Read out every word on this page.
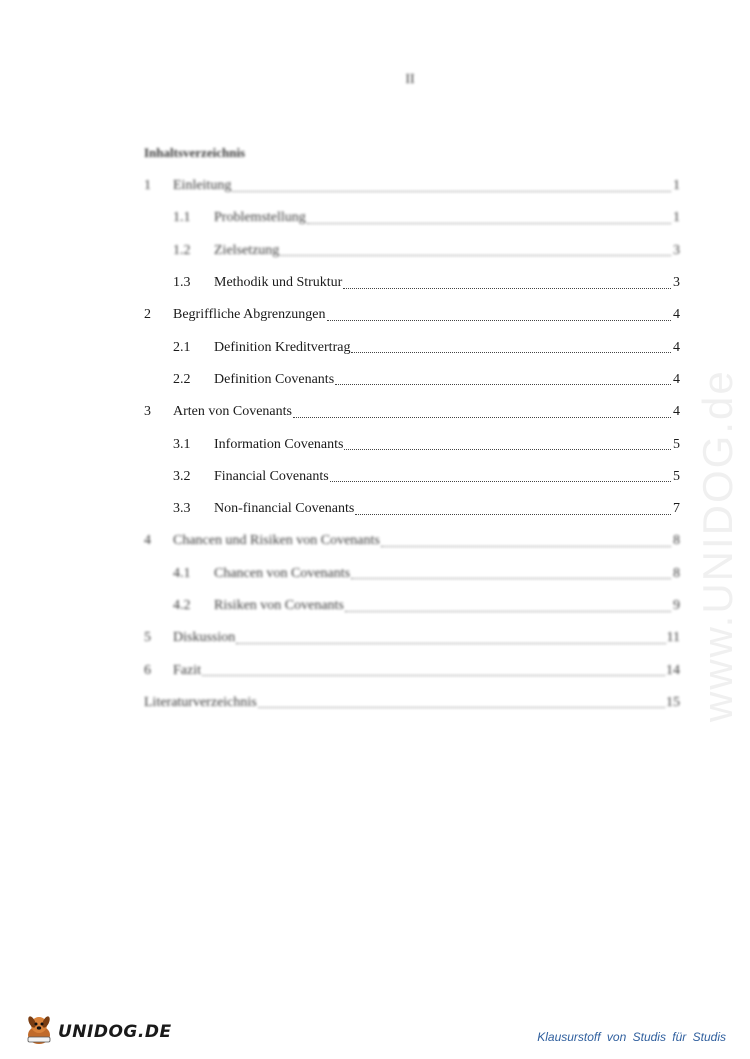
II
Inhaltsverzeichnis
1	Einleitung	1
1.1	Problemstellung	1
1.2	Zielsetzung	3
1.3	Methodik und Struktur	3
2	Begriffliche Abgrenzungen	4
2.1	Definition Kreditvertrag	4
2.2	Definition Covenants	4
3	Arten von Covenants	4
3.1	Information Covenants	5
3.2	Financial Covenants	5
3.3	Non-financial Covenants	7
4	Chancen und Risiken von Covenants	8
4.1	Chancen von Covenants	8
4.2	Risiken von Covenants	9
5	Diskussion	11
6	Fazit	14
Literaturverzeichnis	15 www.UNIDOG.de
UNIDOG.DE	Klausurstoff von Studis für Studis
